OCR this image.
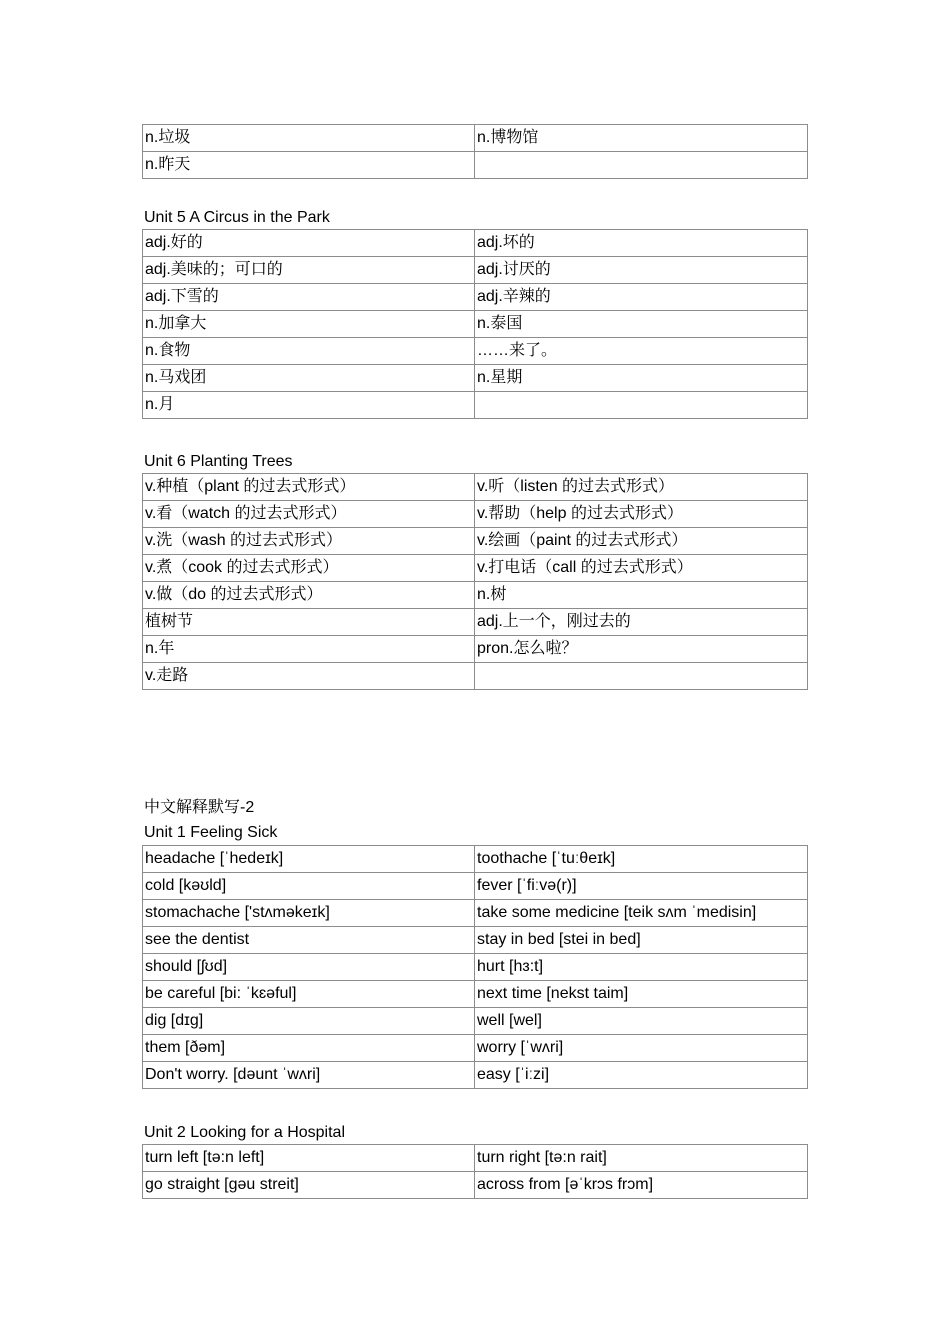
n.垃圾	n.博物馆
n.昨天	
Unit 5 A Circus in the Park
adj.好的	adj.坏的
adj.美味的；可口的	adj.讨厌的
adj.下雪的	adj.辛辣的
n.加拿大	n.泰国
n.食物	……来了。
n.马戏团	n.星期
n.月	
Unit 6 Planting Trees
v.种植（plant 的过去式形式）	v.听（listen 的过去式形式）
v.看（watch 的过去式形式）	v.帮助（help 的过去式形式）
v.洗（wash 的过去式形式）	v.绘画（paint 的过去式形式）
v.煮（cook 的过去式形式）	v.打电话（call 的过去式形式）
v.做（do 的过去式形式）	n.树
植树节	adj.上一个，刚过去的
n.年	pron.怎么啦？
v.走路	
中文解释默写-2
Unit 1 Feeling Sick
headache [ˈhedeɪk]	toothache [ˈtuːθeɪk]
cold [kəʊld]	fever [ˈfiːvə(r)]
stomachache ['stʌməkeɪk]	take some medicine [teik sʌm ˈmedisin]
see the dentist	stay in bed [stei in bed]
should [ʃʊd]	hurt [hɜ:t]
be careful [bi: ˈkɛəful]	next time [nekst taim]
dig [dɪg]	well [wel]
them [ðəm]	worry [ˈwʌri]
Don't worry. [dəunt ˈwʌri]	easy [ˈiːzi]
Unit 2 Looking for a Hospital
turn left [tə:n left]	turn right [tə:n rait]
go straight [gəu streit]	across from [əˈkrɔs frɔm]
